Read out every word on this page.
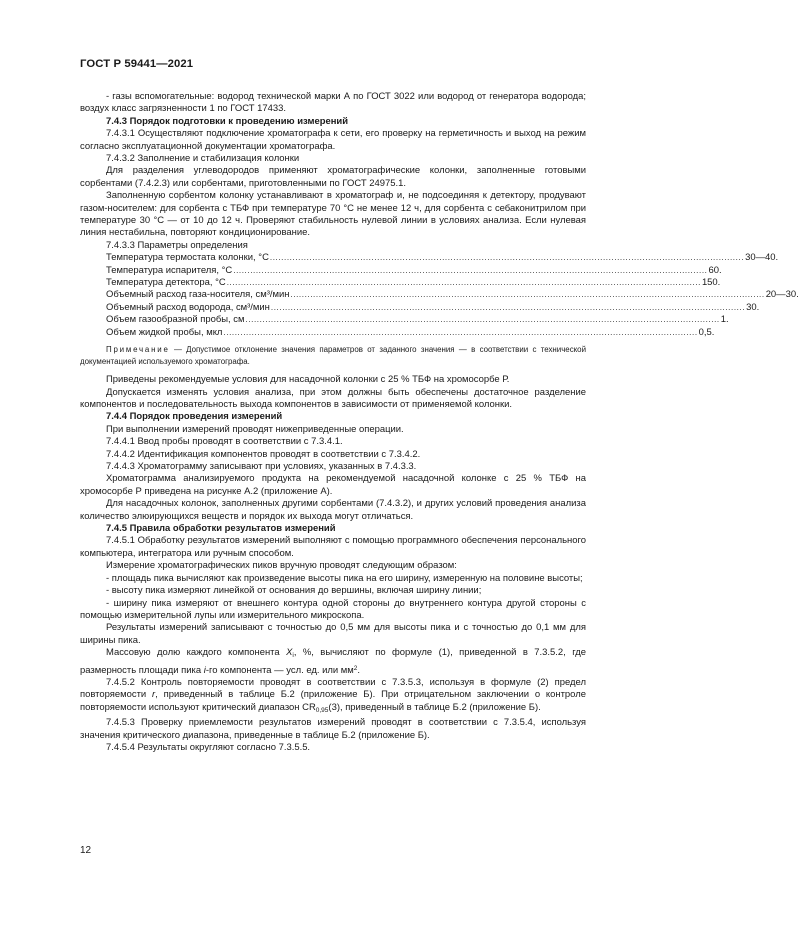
ГОСТ Р 59441—2021

- газы вспомогательные: водород технической марки А по ГОСТ 3022 или водород от генератора водорода; воздух класс загрязненности 1 по ГОСТ 17433.

7.4.3 Порядок подготовки к проведению измерений

7.4.3.1 Осуществляют подключение хроматографа к сети, его проверку на герметичность и выход на режим согласно эксплуатационной документации хроматографа.

7.4.3.2 Заполнение и стабилизация колонки

Для разделения углеводородов применяют хроматографические колонки, заполненные готовыми сорбентами (7.4.2.3) или сорбентами, приготовленными по ГОСТ 24975.1.

Заполненную сорбентом колонку устанавливают в хроматограф и, не подсоединяя к детектору, продувают газом-носителем: для сорбента с ТБФ при температуре 70 °С не менее 12 ч, для сорбента с себаконитрилом при температуре 30 °С — от 10 до 12 ч. Проверяют стабильность нулевой линии в условиях анализа. Если нулевая линия нестабильна, повторяют кондиционирование.

7.4.3.3 Параметры определения

Температура термостата колонки, °С ........................................................................................................................................................................ 30—40.
Температура испарителя, °С ........................................................................................................................................................................ 60.
Температура детектора, °С ........................................................................................................................................................................ 150.
Объемный расход газа-носителя, см³/мин ........................................................................................................................................................................ 20—30.
Объемный расход водорода, см³/мин ........................................................................................................................................................................ 30.
Объем газообразной пробы, см ........................................................................................................................................................................ 1.
Объем жидкой пробы, мкл ........................................................................................................................................................................ 0,5.

Примечание — Допустимое отклонение значения параметров от заданного значения — в соответствии с технической документацией используемого хроматографа.

Приведены рекомендуемые условия для насадочной колонки с 25 % ТБФ на хромосорбе Р.

Допускается изменять условия анализа, при этом должны быть обеспечены достаточное разделение компонентов и последовательность выхода компонентов в зависимости от применяемой колонки.

7.4.4 Порядок проведения измерений

При выполнении измерений проводят нижеприведенные операции.

7.4.4.1 Ввод пробы проводят в соответствии с 7.3.4.1.

7.4.4.2 Идентификация компонентов проводят в соответствии с 7.3.4.2.

7.4.4.3 Хроматограмму записывают при условиях, указанных в 7.4.3.3.

Хроматограмма анализируемого продукта на рекомендуемой насадочной колонке с 25 % ТБФ на хромосорбе Р приведена на рисунке А.2 (приложение А).

Для насадочных колонок, заполненных другими сорбентами (7.4.3.2), и других условий проведения анализа количество элюирующихся веществ и порядок их выхода могут отличаться.

7.4.5 Правила обработки результатов измерений

7.4.5.1 Обработку результатов измерений выполняют с помощью программного обеспечения персонального компьютера, интегратора или ручным способом.

Измерение хроматографических пиков вручную проводят следующим образом:

- площадь пика вычисляют как произведение высоты пика на его ширину, измеренную на половине высоты;

- высоту пика измеряют линейкой от основания до вершины, включая ширину линии;

- ширину пика измеряют от внешнего контура одной стороны до внутреннего контура другой стороны с помощью измерительной лупы или измерительного микроскопа.

Результаты измерений записывают с точностью до 0,5 мм для высоты пика и с точностью до 0,1 мм для ширины пика.

Массовую долю каждого компонента $X_i$, %, вычисляют по формуле (1), приведенной в 7.3.5.2, где размерность площади пика i-го компонента — усл. ед. или $мм^2$.

7.4.5.2 Контроль повторяемости проводят в соответствии с 7.3.5.3, используя в формуле (2) предел повторяемости r, приведенный в таблице Б.2 (приложение Б). При отрицательном заключении о контроле повторяемости используют критический диапазон $CR_{0,95}(3)$, приведенный в таблице Б.2 (приложение Б).

7.4.5.3 Проверку приемлемости результатов измерений проводят в соответствии с 7.3.5.4, используя значения критического диапазона, приведенные в таблице Б.2 (приложение Б).

7.4.5.4 Результаты округляют согласно 7.3.5.5.

12
